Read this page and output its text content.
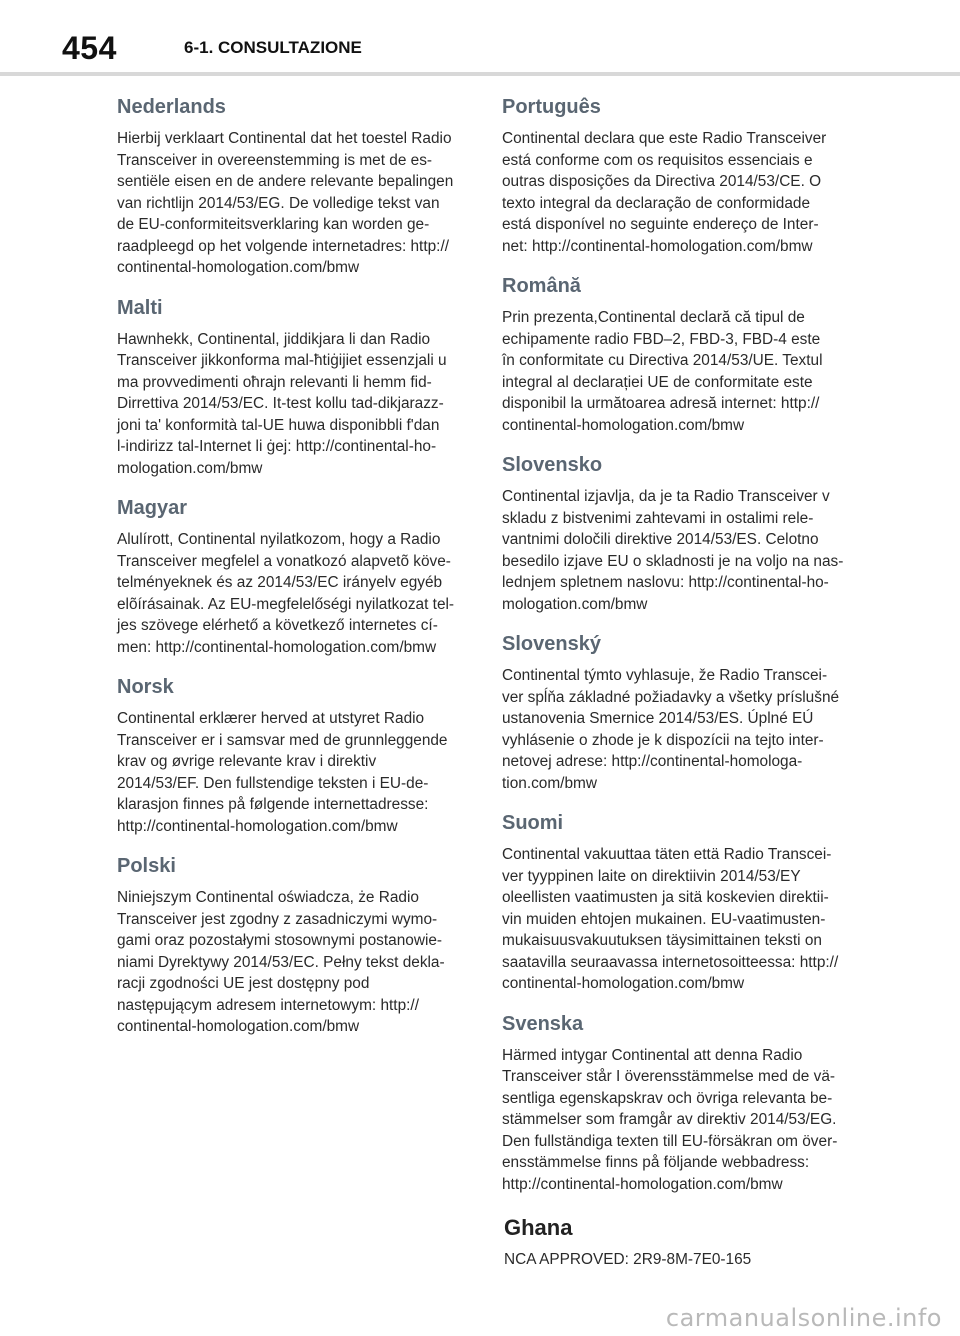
454	6-1. CONSULTAZIONE
Nederlands

Hierbij verklaart Continental dat het toestel Radio
Transceiver in overeenstemming is met de es-
sentiële eisen en de andere relevante bepalingen
van richtlijn 2014/53/EG. De volledige tekst van
de EU-conformiteitsverklaring kan worden ge-
raadpleegd op het volgende internetadres: http://
continental-homologation.com/bmw

Malti

Hawnhekk, Continental, jiddikjara li dan Radio
Transceiver jikkonforma mal-ħtiġijiet essenzjali u
ma provvedimenti oħrajn relevanti li hemm fid-
Dirrettiva 2014/53/EC. It-test kollu tad-dikjarazz-
joni ta' konformità tal-UE huwa disponibbli f'dan
l-indirizz tal-Internet li ġej: http://continental-ho-
mologation.com/bmw

Magyar

Alulírott, Continental nyilatkozom, hogy a Radio
Transceiver megfelel a vonatkozó alapvetõ köve-
telményeknek és az 2014/53/EC irányelv egyéb
elõírásainak. Az EU-megfelelőségi nyilatkozat tel-
jes szövege elérhető a következő internetes cí-
men: http://continental-homologation.com/bmw

Norsk

Continental erklærer herved at utstyret Radio
Transceiver er i samsvar med de grunnleggende
krav og øvrige relevante krav i direktiv
2014/53/EF. Den fullstendige teksten i EU-de-
klarasjon finnes på følgende internettadresse:
http://continental-homologation.com/bmw

Polski

Niniejszym Continental oświadcza, że Radio
Transceiver jest zgodny z zasadniczymi wymo-
gami oraz pozostałymi stosownymi postanowie-
niami Dyrektywy 2014/53/EC. Pełny tekst dekla-
racji zgodności UE jest dostępny pod
następującym adresem internetowym: http://
continental-homologation.com/bmw

Português

Continental declara que este Radio Transceiver
está conforme com os requisitos essenciais e
outras disposições da Directiva 2014/53/CE. O
texto integral da declaração de conformidade
está disponível no seguinte endereço de Inter-
net: http://continental-homologation.com/bmw

Română

Prin prezenta,Continental declară că tipul de
echipamente radio FBD–2, FBD-3, FBD-4 este
în conformitate cu Directiva 2014/53/UE. Textul
integral al declarației UE de conformitate este
disponibil la următoarea adresă internet: http://
continental-homologation.com/bmw

Slovensko

Continental izjavlja, da je ta Radio Transceiver v
skladu z bistvenimi zahtevami in ostalimi rele-
vantnimi določili direktive 2014/53/ES. Celotno
besedilo izjave EU o skladnosti je na voljo na nas-
lednjem spletnem naslovu: http://continental-ho-
mologation.com/bmw

Slovenský

Continental týmto vyhlasuje, že Radio Transcei-
ver spĺňa základné požiadavky a všetky príslušné
ustanovenia Smernice 2014/53/ES. Úplné EÚ
vyhlásenie o zhode je k dispozícii na tejto inter-
netovej adrese: http://continental-homologa-
tion.com/bmw

Suomi

Continental vakuuttaa täten että Radio Transcei-
ver tyyppinen laite on direktiivin 2014/53/EY
oleellisten vaatimusten ja sitä koskevien direktii-
vin muiden ehtojen mukainen. EU-vaatimusten-
mukaisuusvakuutuksen täysimittainen teksti on
saatavilla seuraavassa internetosoitteessa: http://
continental-homologation.com/bmw

Svenska

Härmed intygar Continental att denna Radio
Transceiver står I överensstämmelse med de vä-
sentliga egenskapskrav och övriga relevanta be-
stämmelser som framgår av direktiv 2014/53/EG.
Den fullständiga texten till EU-försäkran om över-
ensstämmelse finns på följande webbadress:
http://continental-homologation.com/bmw

Ghana

NCA APPROVED: 2R9-8M-7E0-165

carmanualsonline.info
